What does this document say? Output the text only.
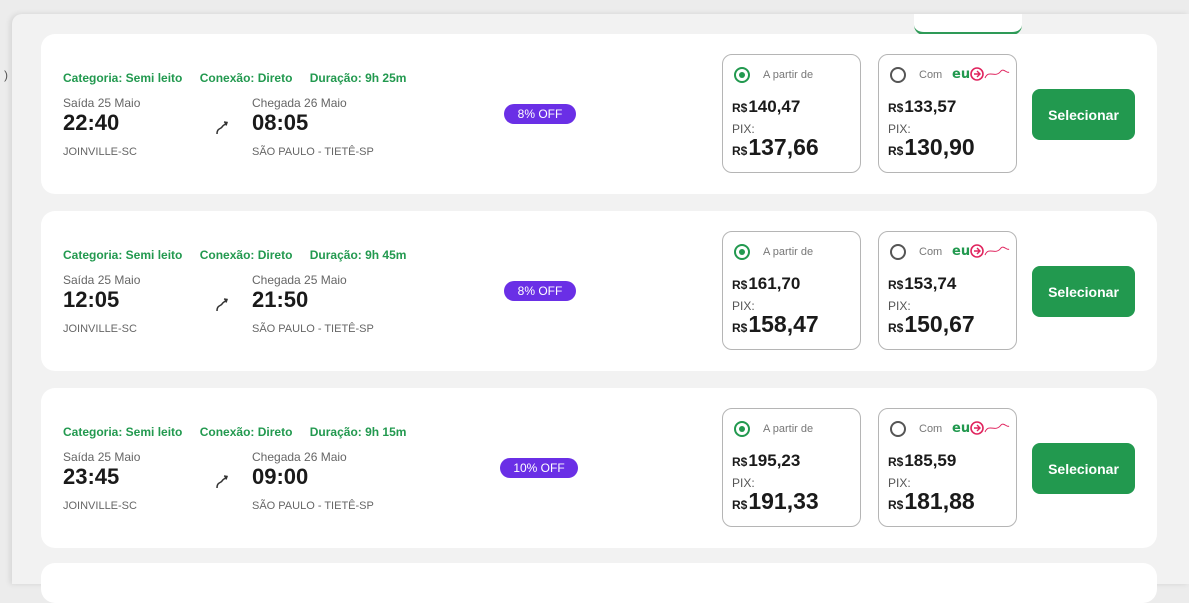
)	Categoria: Semi leito Conexão: Direto Duração: 9h 25m
Saída 25 Maio
22:40
JOINVILLE-SC
Chegada 26 Maio
08:05
SÃO PAULO - TIETÊ-SP
8% OFF
A partir de
R$140,47
PIX:
R$137,66
Com eu
R$133,57
PIX:
R$130,90
Selecionar
Categoria: Semi leito Conexão: Direto Duração: 9h 45m
Saída 25 Maio
12:05
JOINVILLE-SC
Chegada 25 Maio
21:50
SÃO PAULO - TIETÊ-SP
8% OFF
A partir de
R$161,70
PIX:
R$158,47
Com eu
R$153,74
PIX:
R$150,67
Selecionar
Categoria: Semi leito Conexão: Direto Duração: 9h 15m
Saída 25 Maio
23:45
JOINVILLE-SC
Chegada 26 Maio
09:00
SÃO PAULO - TIETÊ-SP
10% OFF
A partir de
R$195,23
PIX:
R$191,33
Com eu
R$185,59
PIX:
R$181,88
Selecionar
